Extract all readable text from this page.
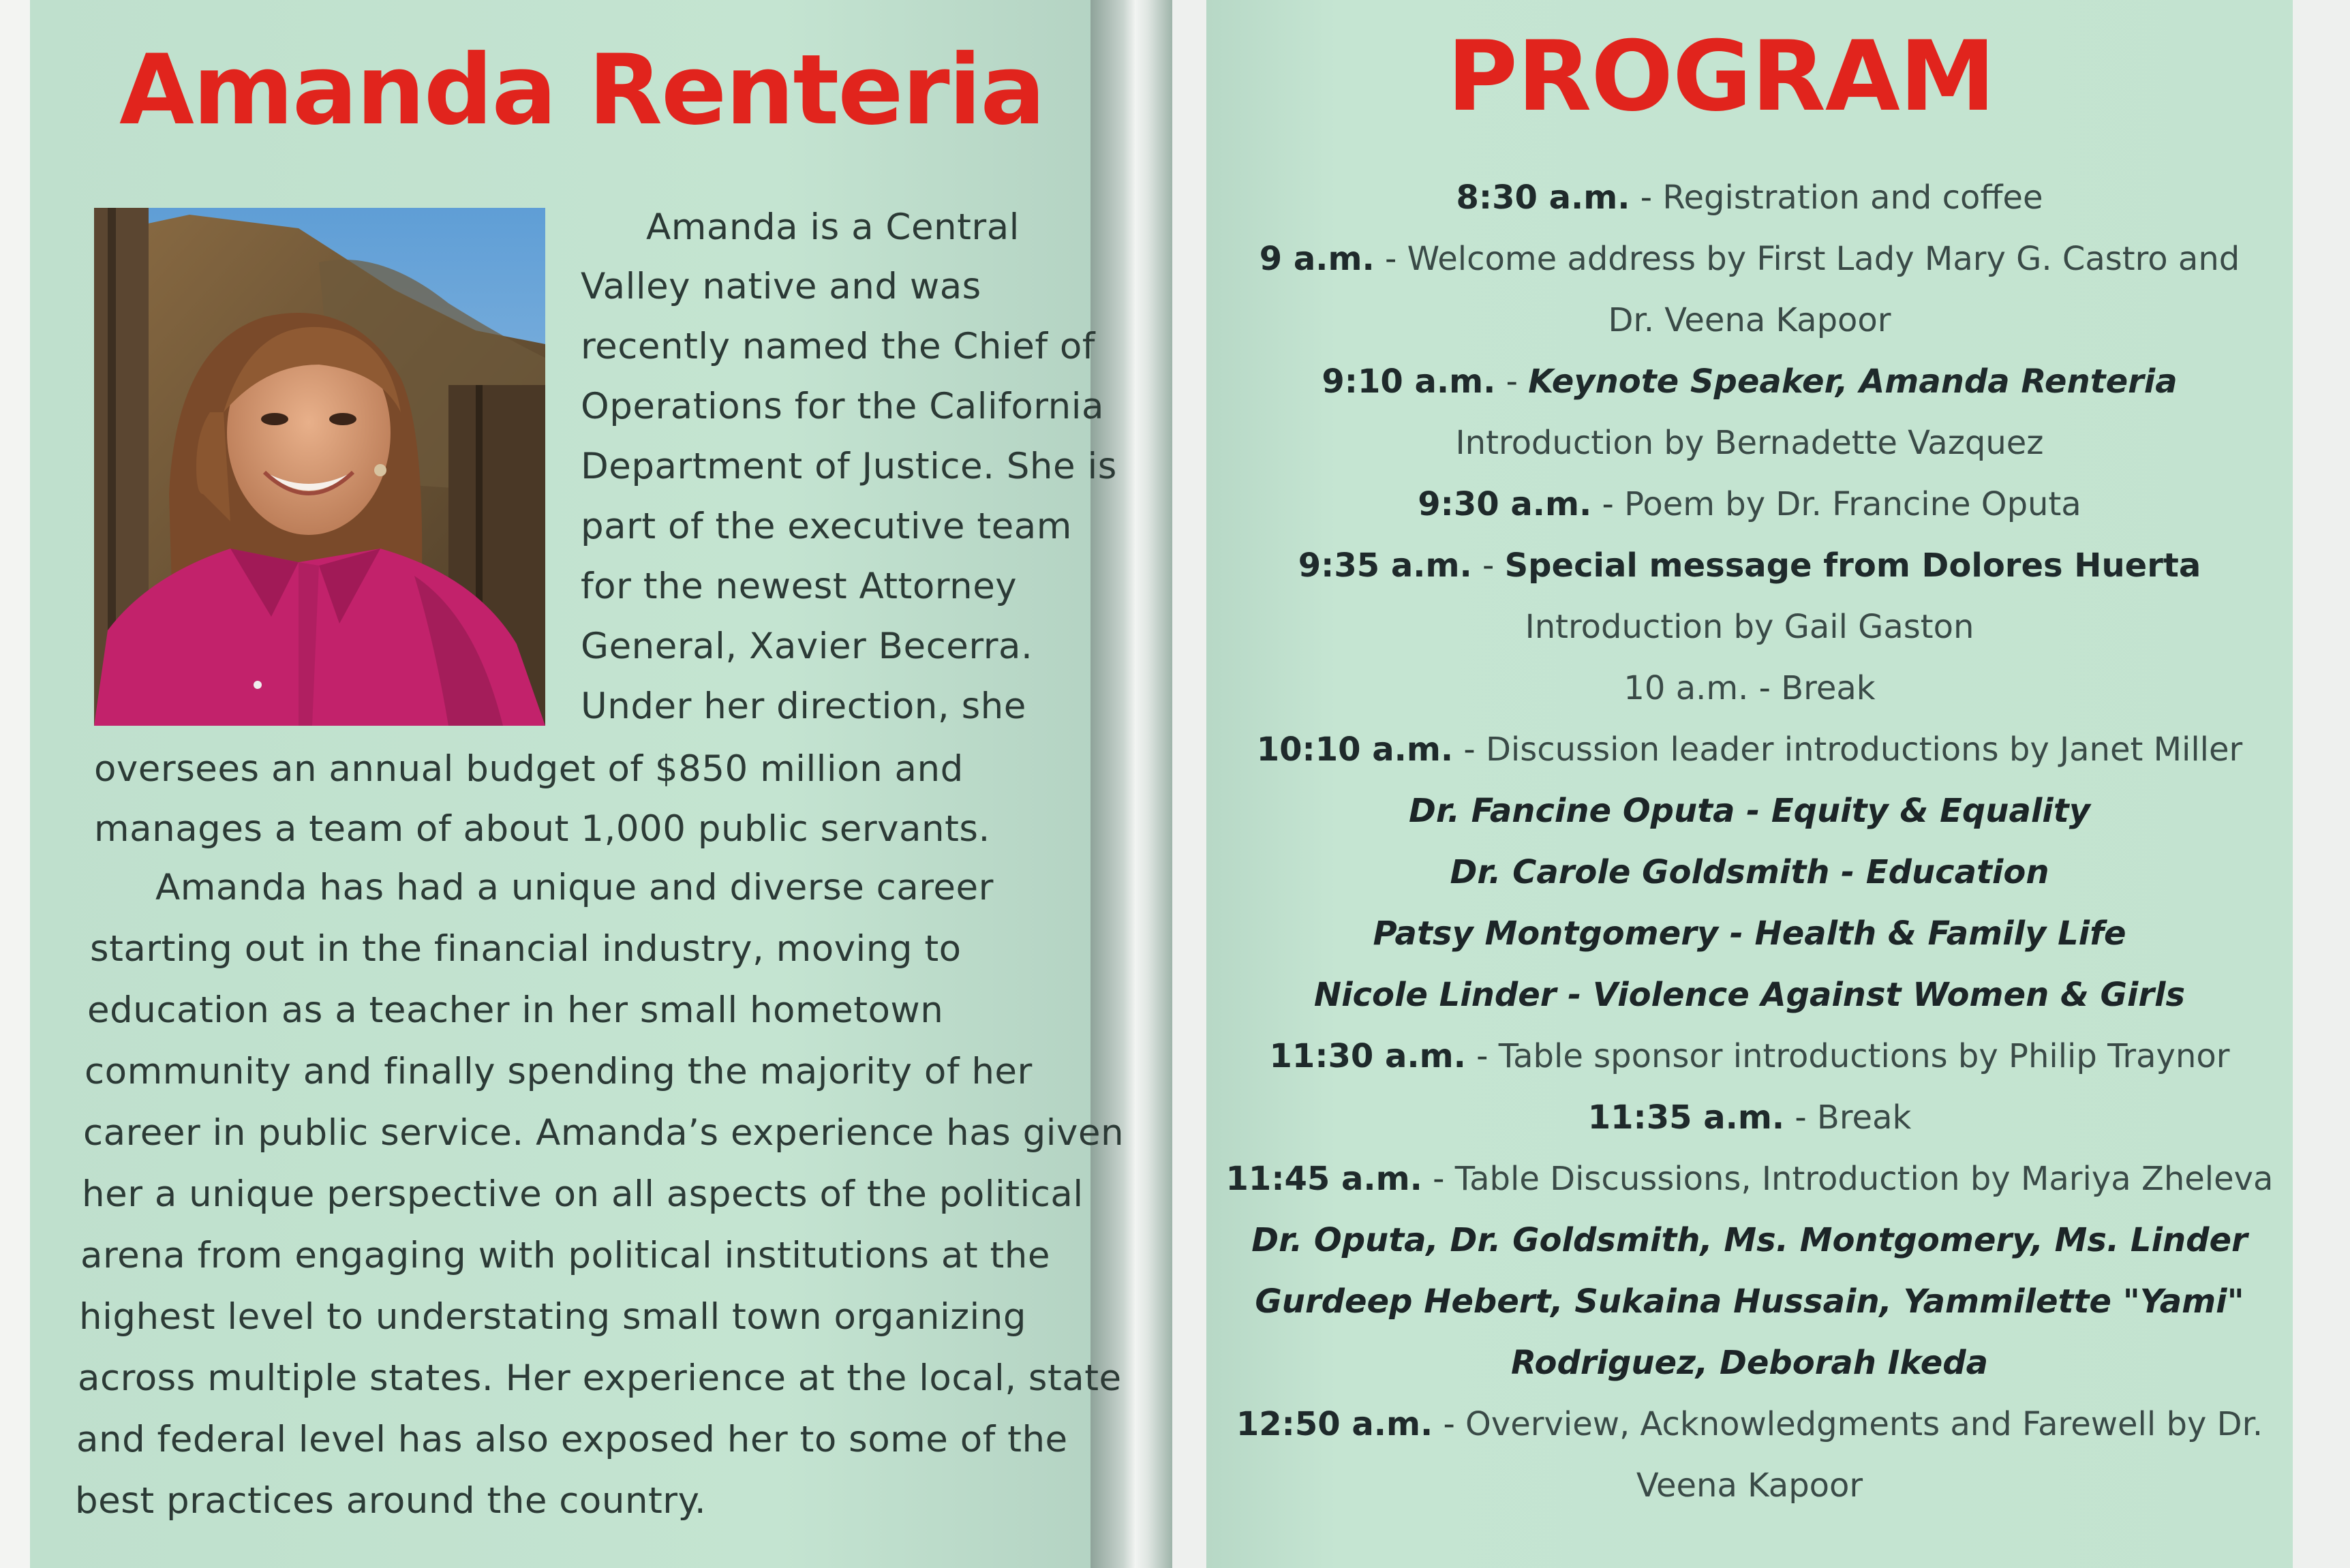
Amanda Renteria

Amanda is a Central

Valley native and was

recently named the Chief of

Operations for the California

Department of Justice. She is

part of the executive team

for the newest Attorney

General, Xavier Becerra.

Under her direction, she

oversees an annual budget of $850 million and

manages a team of about 1,000 public servants.

Amanda has had a unique and diverse career

starting out in the financial industry, moving to

education as a teacher in her small hometown

community and finally spending the majority of her

career in public service. Amanda’s experience has given

her a unique perspective on all aspects of the political

arena from engaging with political institutions at the

highest level to understating small town organizing

across multiple states. Her experience at the local, state

and federal level has also exposed her to some of the

best practices around the country.

PROGRAM
8:30 a.m. - Registration and coffee
9 a.m. - Welcome address by First Lady Mary G. Castro and
Dr. Veena Kapoor
9:10 a.m. - Keynote Speaker, Amanda Renteria
Introduction by Bernadette Vazquez
9:30 a.m. - Poem by Dr. Francine Oputa
9:35 a.m. - Special message from Dolores Huerta
Introduction by Gail Gaston
10 a.m. - Break
10:10 a.m. - Discussion leader introductions by Janet Miller
Dr. Fancine Oputa - Equity & Equality
Dr. Carole Goldsmith - Education
Patsy Montgomery - Health & Family Life
Nicole Linder - Violence Against Women & Girls
11:30 a.m. - Table sponsor introductions by Philip Traynor
11:35 a.m. - Break
11:45 a.m. - Table Discussions, Introduction by Mariya Zheleva
Dr. Oputa, Dr. Goldsmith, Ms. Montgomery, Ms. Linder
Gurdeep Hebert, Sukaina Hussain, Yammilette "Yami"
Rodriguez, Deborah Ikeda
12:50 a.m. - Overview, Acknowledgments and Farewell by Dr.
Veena Kapoor
